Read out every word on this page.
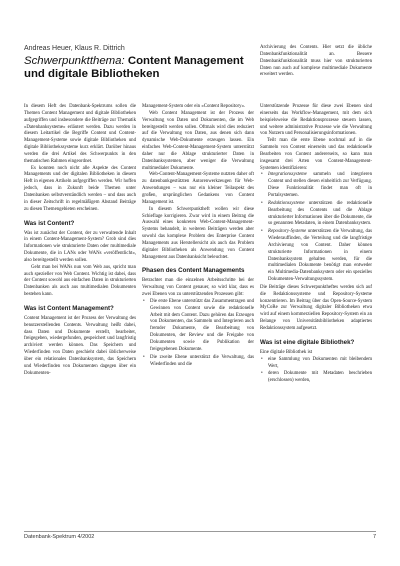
Andreas Heuer, Klaus R. Dittrich
Schwerpunktthema: Content Management und digitale Bibliotheken

Archivierung des Contents. Hier setzt die übliche Datenbankfunktionalität an. Bessere Datenbankfunktionalität muss hier von strukturierten Daten nun auch auf komplexe multimediale Dokumente erweitert werden.

In diesem Heft des Datenbank-Spektrums sollen die Themen Content Management und digitale Bibliotheken aufgegriffen und insbesondere die Beiträge zur Thematik »Datenbanksysteme« erläutert werden. Dazu werden in diesem Leitartikel die Begriffe Content und Content-Management-Systeme sowie digitale Bibliotheken und digitale Bibliothekssysteme kurz erklärt. Darüber hinaus werden die drei Artikel des Schwerpunkts in den thematischen Rahmen eingeordnet.

Es konnten noch nicht alle Aspekte des Content Managements und der digitalen Bibliotheken in diesem Heft in eigenen Artikeln aufgegriffen werden. Wir hoffen jedoch, dass in Zukunft beide Themen unter Datenbanken selbstverständlich werden – und dass auch in dieser Zeitschrift in regelmäßigem Abstand Beiträge zu diesen Themengebieten erscheinen.

Was ist Content?

Was ist zunächst der Content, der zu verwaltende Inhalt in einem Content-Management-System? Grob sind dies Informationen wie strukturierte Daten oder multimediale Dokumente, die in LANs oder WANs »veröffentlicht«, also bereitgestellt werden sollen.

Geht man bei WANs nun vom Web aus, spricht man auch spezieller von Web Content. Wichtig ist dabei, dass der Content sowohl aus einfachen Daten in strukturierten Datenbanken als auch aus multimedialen Dokumenten bestehen kann.

Was ist Content Management?

Content Management ist der Prozess der Verwaltung des benutzerstellenden Contents. Verwaltung heißt dabei, dass Daten und Dokumente erstellt, bearbeitet, freigegeben, wiedergefunden, gespeichert und langfristig archiviert werden können. Das Speichern und Wiederfinden von Daten geschieht dabei üblicherweise über ein relationales Datenbanksystem, das Speichern und Wiederfinden von Dokumenten dagegen über ein Dokumenten-

Management-System oder ein »Content Repository«.

Web Content Management ist der Prozess der Verwaltung von Daten und Dokumenten, die im Web bereitgestellt werden sollen. Oftmals wird dies reduziert auf die Verwaltung von Daten, aus denen sich dann dynamische Web-Dokumente erzeugen lassen. Ein einfaches Web-Content-Management-System unterstützt daher nur die Ablage strukturierter Daten in Datenbanksystemen, aber weniger die Verwaltung multimedialer Dokumente.

Web-Content-Management-Systeme nutzten daher oft zu datenbankgestützten Autorenwerkzeugen für Web-Anwendungen – was nur ein kleiner Teilaspekt des großen, ursprünglichen Gedankens von Content Management ist.

In diesem Schwerpunktheft wollen wir diese Schieflage korrigieren. Zwar wird in einem Beitrag die Auswahl eines konkreten Web-Content-Management-Systems behandelt, in weiteren Beiträgen werden aber sowohl das komplexe Problem des Enterprise Content Managements aus Herstellersicht als auch das Problem digitaler Bibliotheken als Anwendung von Content Management aus Datenbanksicht beleuchtet.

Phasen des Content Managements

Betrachtet man die einzelnen Arbeitsschritte bei der Verwaltung von Content genauer, so wird klar, dass es zwei Ebenen von zu unterstützenden Prozessen gibt:

• Die erste Ebene unterstützt das Zusammentragen und Gewinnen von Content sowie die redaktionelle Arbeit mit dem Content. Dazu gehören das Erzeugen von Dokumenten, das Sammeln und Integrieren auch fremder Dokumente, die Bearbeitung von Dokumenten, der Review und die Freigabe von Dokumenten sowie die Publikation der freigegebenen Dokumente.
• Die zweite Ebene unterstützt die Verwaltung, das Wiederfinden und die

Unterstützende Prozesse für diese zwei Ebenen sind einerseits das Workflow-Management, mit dem sich beispielsweise die Redaktionsprozesse steuern lassen, und weitere administrative Prozesse wie die Verwaltung von Nutzern und Personalisierungsinformationen.

Teilt man die erste Ebene nochmal auf in die Sammeln von Content einerseits und das redaktionelle Bearbeiten von Content andererseits, so kann man insgesamt drei Arten von Content-Management-Systemen identifizieren:

• Integrationssysteme sammeln und integrieren Content und stellen diesen einheitlich zur Verfügung. Diese Funktionalität findet man oft in Portalsystemen.
• Redaktionssysteme unterstützen die redaktionelle Bearbeitung des Contents und die Ablage strukturierter Informationen über die Dokumente, die so genannten Metadaten, in einem Datenbanksystem.
• Repository-Systeme unterstützen die Verwaltung, das Wiederauffinden, die Verteilung und die langfristige Archivierung von Content. Daher können strukturierte Informationen in einem Datenbanksystem gehalten werden, für die multimedialen Dokumente benötigt man entweder ein Multimedia-Datenbanksystem oder ein spezielles Dokumenten-Verwaltungssystem.

Die Beiträge dieses Schwerpunktheftes werden sich auf die Redaktionssysteme und Repository-Systeme konzentrieren. Im Beitrag über das Open-Source-System MyCoRe zur Verwaltung digitaler Bibliotheken etwa wird auf einem kommerziellen Repository-System ein an Belange von Universitätsbibliotheken adaptiertes Redaktionssystem aufgesetzt.

Was ist eine digitale Bibliothek?

Eine digitale Bibliothek ist

• eine Sammlung von Dokumenten mit bleibendem Wert,
• deren Dokumente mit Metadaten beschrieben (erschlossen) werden,
Datenbank-Spektrum 4/2002	7
